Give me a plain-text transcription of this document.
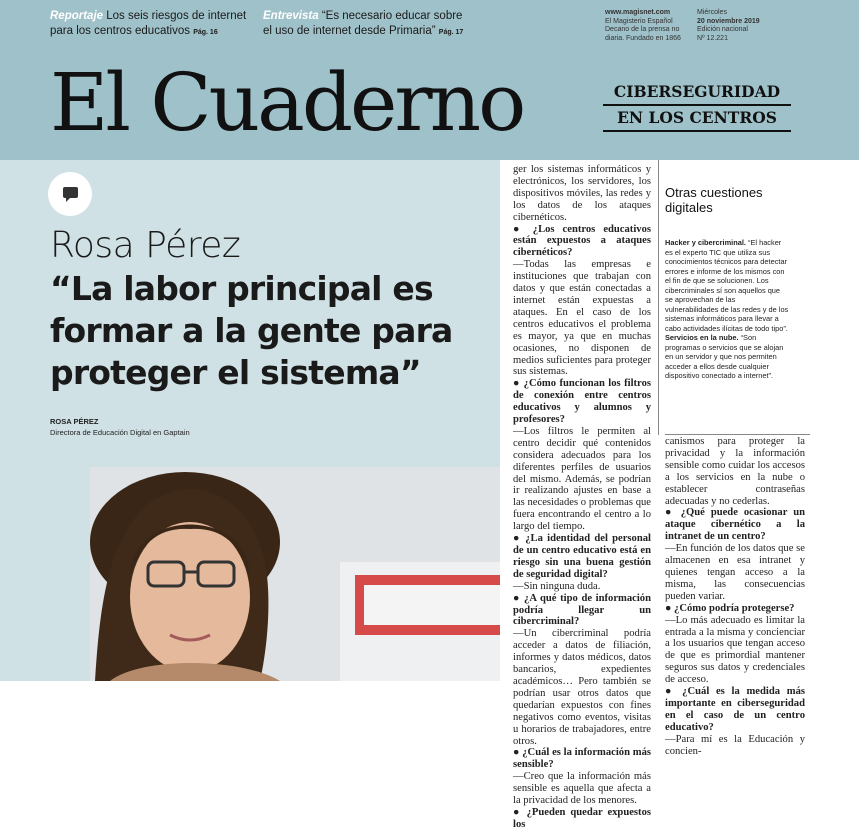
Reportaje Los seis riesgos de internet
para los centros educativos Pág. 16
Entrevista “Es necesario educar sobre
el uso de internet desde Primaria” Pág. 17
www.magisnet.com
El Magisterio Español
Decano de la prensa no
diaria. Fundado en 1866
Miércoles
20 noviembre 2019
Edición nacional
Nº 12.221
El Cuaderno	CIBERSEGURIDAD
EN LOS CENTROS
Rosa Pérez
“La labor principal es formar a la gente para proteger el sistema”
ROSA PÉREZ
Directora de Educación Digital en Gaptain

ger los sistemas informáticos y electrónicos, los servidores, los dispositivos móviles, las redes y los datos de los ataques cibernéticos.

● ¿Los centros educativos están expuestos a ataques cibernéticos?

—Todas las empresas e instituciones que trabajan con datos y que están conectadas a internet están expuestas a ataques. En el caso de los centros educativos el problema es mayor, ya que en muchas ocasiones, no disponen de medios suficientes para proteger sus sistemas.

● ¿Cómo funcionan los filtros de conexión entre centros educativos y alumnos y profesores?

—Los filtros le permiten al centro decidir qué contenidos considera adecuados para los diferentes perfiles de usuarios del mismo. Además, se podrían ir realizando ajustes en base a las necesidades o problemas que fuera encontrando el centro a lo largo del tiempo.

● ¿La identidad del personal de un centro educativo está en riesgo sin una buena gestión de seguridad digital?

—Sin ninguna duda.

● ¿A qué tipo de información podría llegar un cibercriminal?

—Un cibercriminal podría acceder a datos de filiación, informes y datos médicos, datos bancarios, expedientes académicos… Pero también se podrían usar otros datos que quedarían expuestos con fines negativos como eventos, visitas u horarios de trabajadores, entre otros.

● ¿Cuál es la información más sensible?

—Creo que la información más sensible es aquella que afecta a la privacidad de los menores.

● ¿Pueden quedar expuestos los

Otras cuestiones digitales
Hacker y cibercriminal. “El hacker es el experto TIC que utiliza sus conocimientos técnicos para detectar errores e informe de los mismos con el fin de que se solucionen. Los cibercriminales sí son aquellos que se aprovechan de las vulnerabilidades de las redes y de los sistemas informáticos para llevar a cabo actividades ilícitas de todo tipo”.
Servicios en la nube. “Son programas o servicios que se alojan en un servidor y que nos permiten acceder a ellos desde cualquier dispositivo conectado a internet”.

canismos para proteger la privacidad y la información sensible como cuidar los accesos a los servicios en la nube o establecer contraseñas adecuadas y no cederlas.

● ¿Qué puede ocasionar un ataque cibernético a la intranet de un centro?

—En función de los datos que se almacenen en esa intranet y quienes tengan acceso a la misma, las consecuencias pueden variar.

● ¿Cómo podría protegerse?

—Lo más adecuado es limitar la entrada a la misma y concienciar a los usuarios que tengan acceso de que es primordial mantener seguros sus datos y credenciales de acceso.

● ¿Cuál es la medida más importante en ciberseguridad en el caso de un centro educativo?

—Para mí es la Educación y concien-
